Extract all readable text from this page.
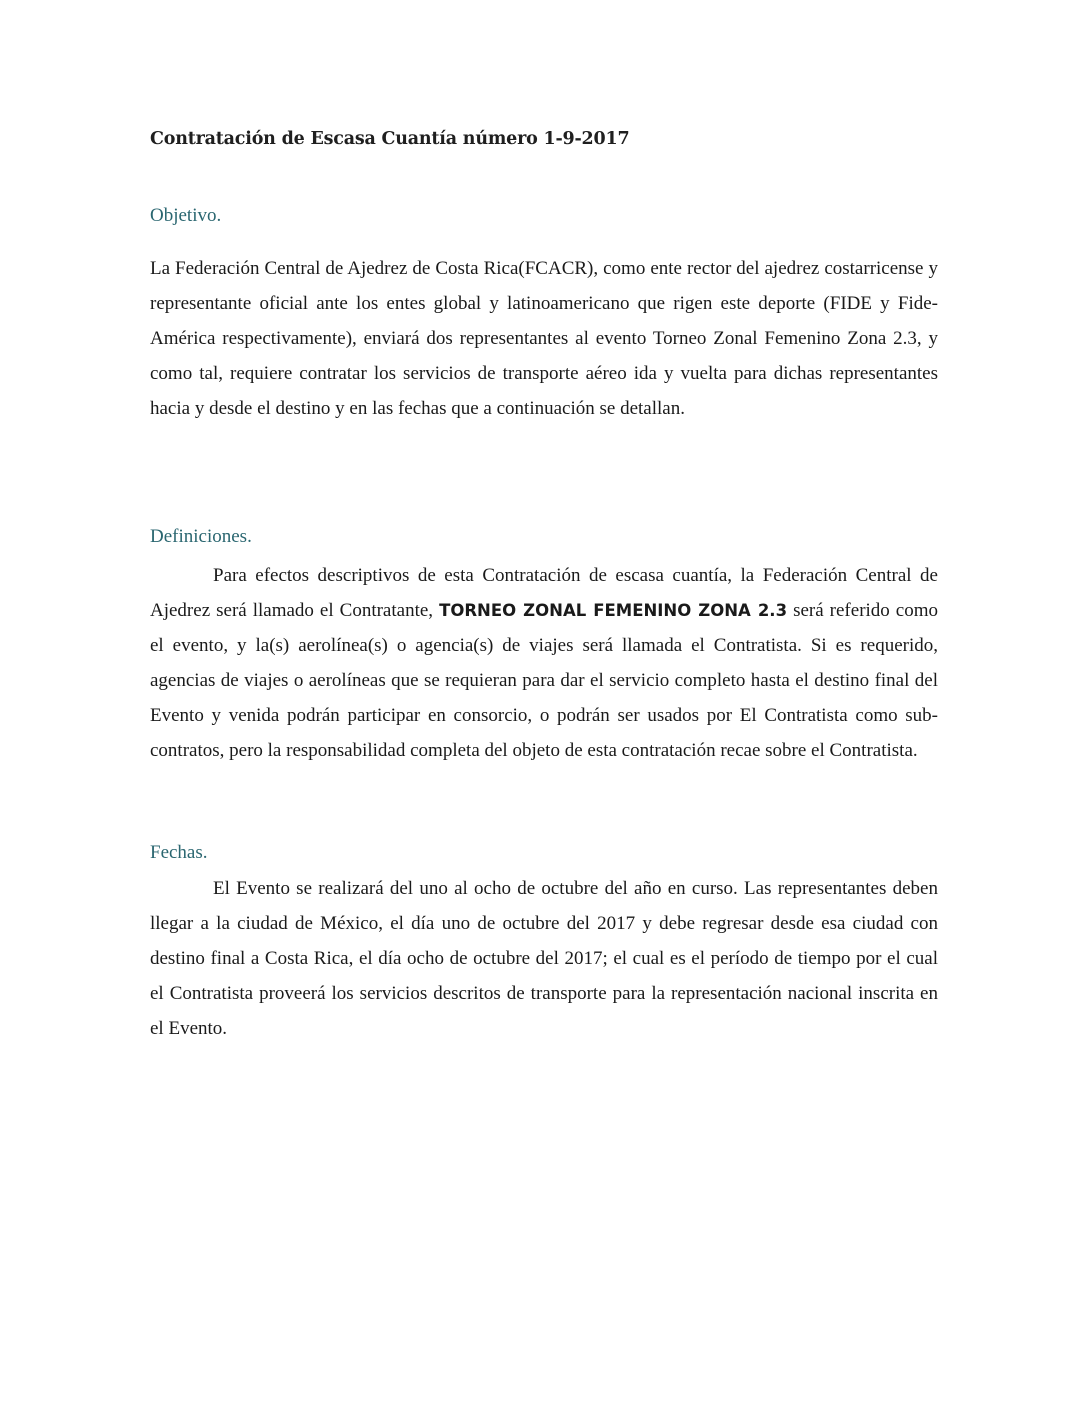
Contratación de Escasa Cuantía número 1-9-2017
Objetivo.

La Federación Central de Ajedrez de Costa Rica(FCACR), como ente rector del ajedrez costarricense y representante oficial ante los entes global y latinoamericano que rigen este deporte (FIDE y Fide-América respectivamente), enviará dos representantes al evento Torneo Zonal Femenino Zona 2.3, y como tal, requiere contratar los servicios de transporte aéreo ida y vuelta para dichas representantes hacia y desde el destino y en las fechas que a continuación se detallan.

Definiciones.

Para efectos descriptivos de esta Contratación de escasa cuantía, la Federación Central de Ajedrez será llamado el Contratante, TORNEO ZONAL FEMENINO ZONA 2.3 será referido como el evento, y la(s) aerolínea(s) o agencia(s) de viajes será llamada el Contratista. Si es requerido, agencias de viajes o aerolíneas que se requieran para dar el servicio completo hasta el destino final del Evento y venida podrán participar en consorcio, o podrán ser usados por El Contratista como sub-contratos, pero la responsabilidad completa del objeto de esta contratación recae sobre el Contratista.

Fechas.

El Evento se realizará del uno al ocho de octubre del año en curso. Las representantes deben llegar a la ciudad de México, el día uno de octubre del 2017 y debe regresar desde esa ciudad con destino final a Costa Rica, el día ocho de octubre del 2017; el cual es el período de tiempo por el cual el Contratista proveerá los servicios descritos de transporte para la representación nacional inscrita en el Evento.
